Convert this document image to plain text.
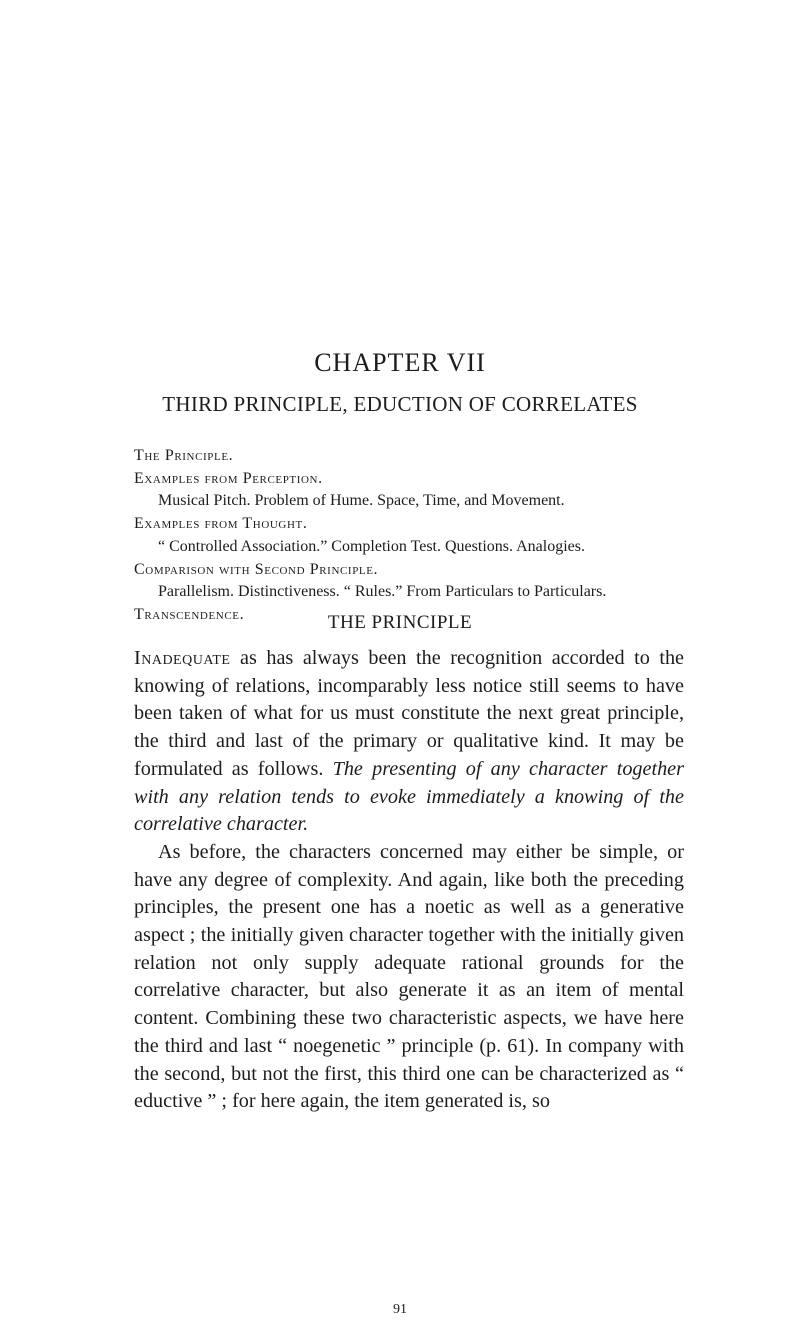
CHAPTER VII
THIRD PRINCIPLE, EDUCTION OF CORRELATES
The Principle.
Examples from Perception.
Musical Pitch. Problem of Hume. Space, Time, and Movement.
Examples from Thought.
“ Controlled Association.” Completion Test. Questions. Analogies.
Comparison with Second Principle.
Parallelism. Distinctiveness. “ Rules.” From Particulars to Particulars.
Transcendence.	THE PRINCIPLE

Inadequate as has always been the recognition accorded to the knowing of relations, incomparably less notice still seems to have been taken of what for us must constitute the next great principle, the third and last of the primary or qualitative kind. It may be formulated as follows. The presenting of any character together with any relation tends to evoke immediately a knowing of the correlative character.

As before, the characters concerned may either be simple, or have any degree of complexity. And again, like both the preceding principles, the present one has a noetic as well as a generative aspect ; the initially given character together with the initially given relation not only supply adequate rational grounds for the correlative character, but also generate it as an item of mental content. Combining these two characteristic aspects, we have here the third and last “ noegenetic ” principle (p. 61). In company with the second, but not the first, this third one can be characterized as “ eductive ” ; for here again, the item generated is, so

91
